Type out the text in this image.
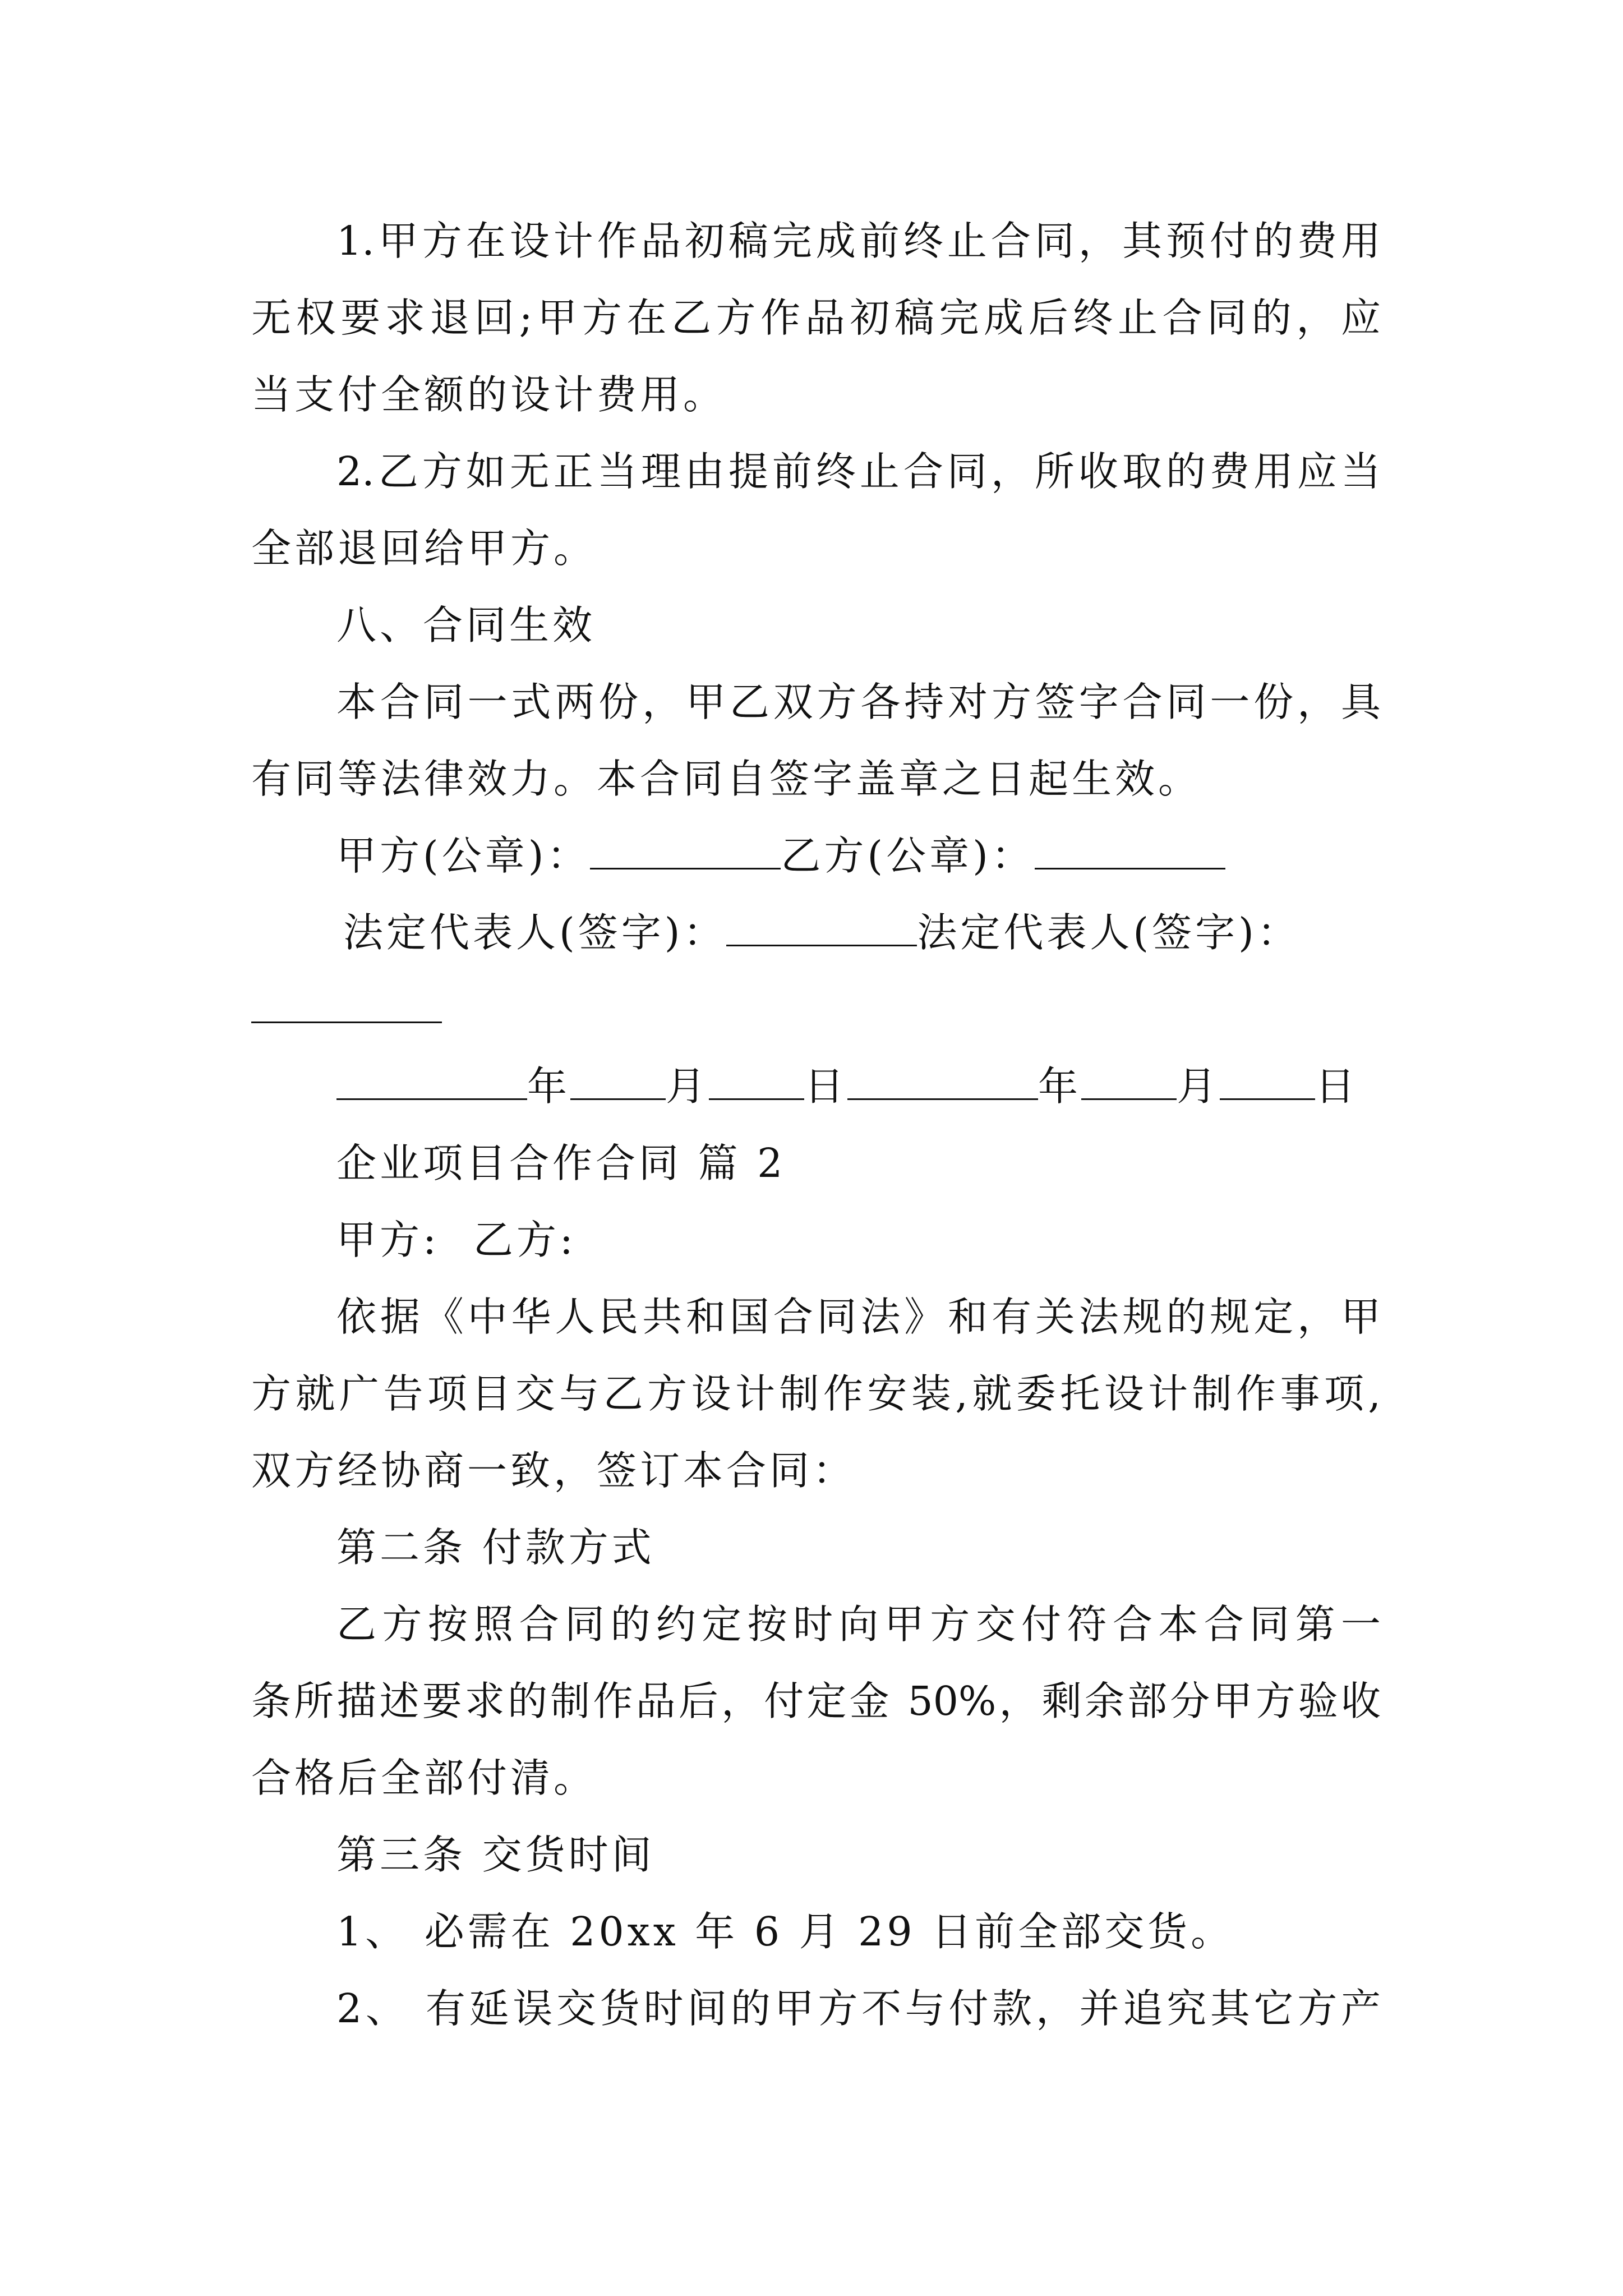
1.甲方在设计作品初稿完成前终止合同，其预付的费用
无权要求退回;甲方在乙方作品初稿完成后终止合同的，应
当支付全额的设计费用。
2.乙方如无正当理由提前终止合同，所收取的费用应当
全部退回给甲方。
八、合同生效
本合同一式两份，甲乙双方各持对方签字合同一份，具
有同等法律效力。本合同自签字盖章之日起生效。
甲方(公章)：	乙方(公章)：
法定代表人(签字)：	法定代表人(签字)：
年 月 日	年 月 日
企业项目合作合同 篇 2
甲方: 乙方:
依据《中华人民共和国合同法》和有关法规的规定，甲
方就广告项目交与乙方设计制作安装,就委托设计制作事项,
双方经协商一致，签订本合同：
第二条 付款方式
乙方按照合同的约定按时向甲方交付符合本合同第一
条所描述要求的制作品后，付定金 50%，剩余部分甲方验收
合格后全部付清。
第三条 交货时间
1、 必需在 20xx 年 6 月 29 日前全部交货。
2、 有延误交货时间的甲方不与付款，并追究其它方产
